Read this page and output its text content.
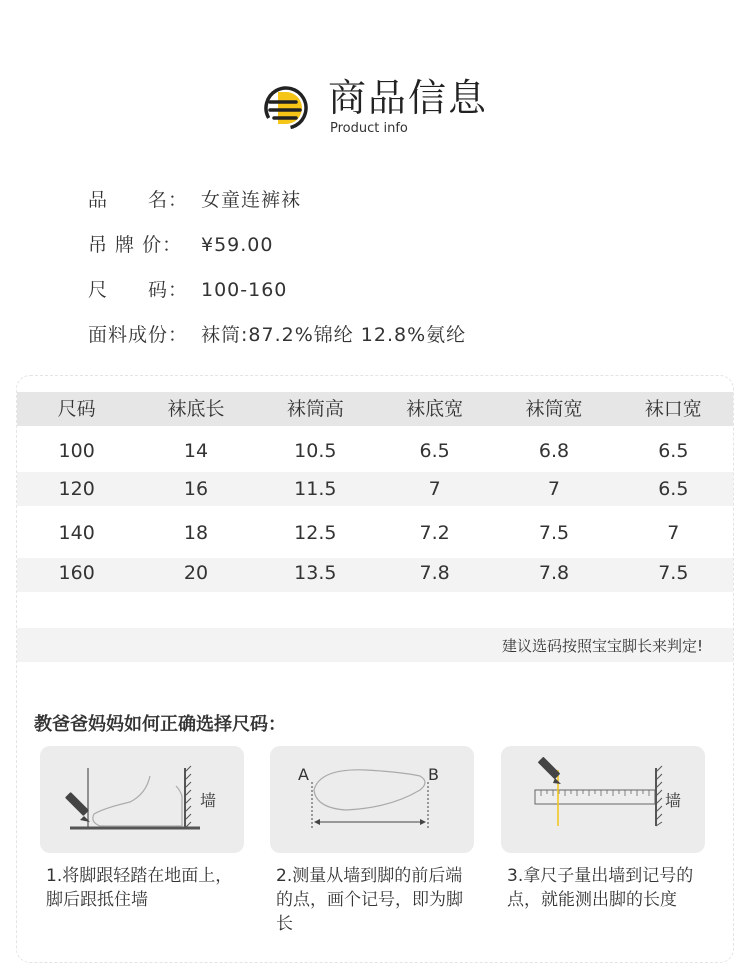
商品信息
Product info
品　　名： 女童连裤袜
吊 牌 价： ¥59.00
尺　　码： 100-160
面料成份： 袜筒:87.2%锦纶 12.8%氨纶
尺码	袜底长	袜筒高	袜底宽	袜筒宽	袜口宽
100	14	10.5	6.5	6.8	6.5
120	16	11.5	7	7	6.5
140	18	12.5	7.2	7.5	7
160	20	13.5	7.8	7.8	7.5
建议选码按照宝宝脚长来判定!
教爸爸妈妈如何正确选择尺码：
墙
1.将脚跟轻踏在地面上，脚后跟抵住墙
A	B
2.测量从墙到脚的前后端的点，画个记号，即为脚长
墙
3.拿尺子量出墙到记号的点，就能测出脚的长度
